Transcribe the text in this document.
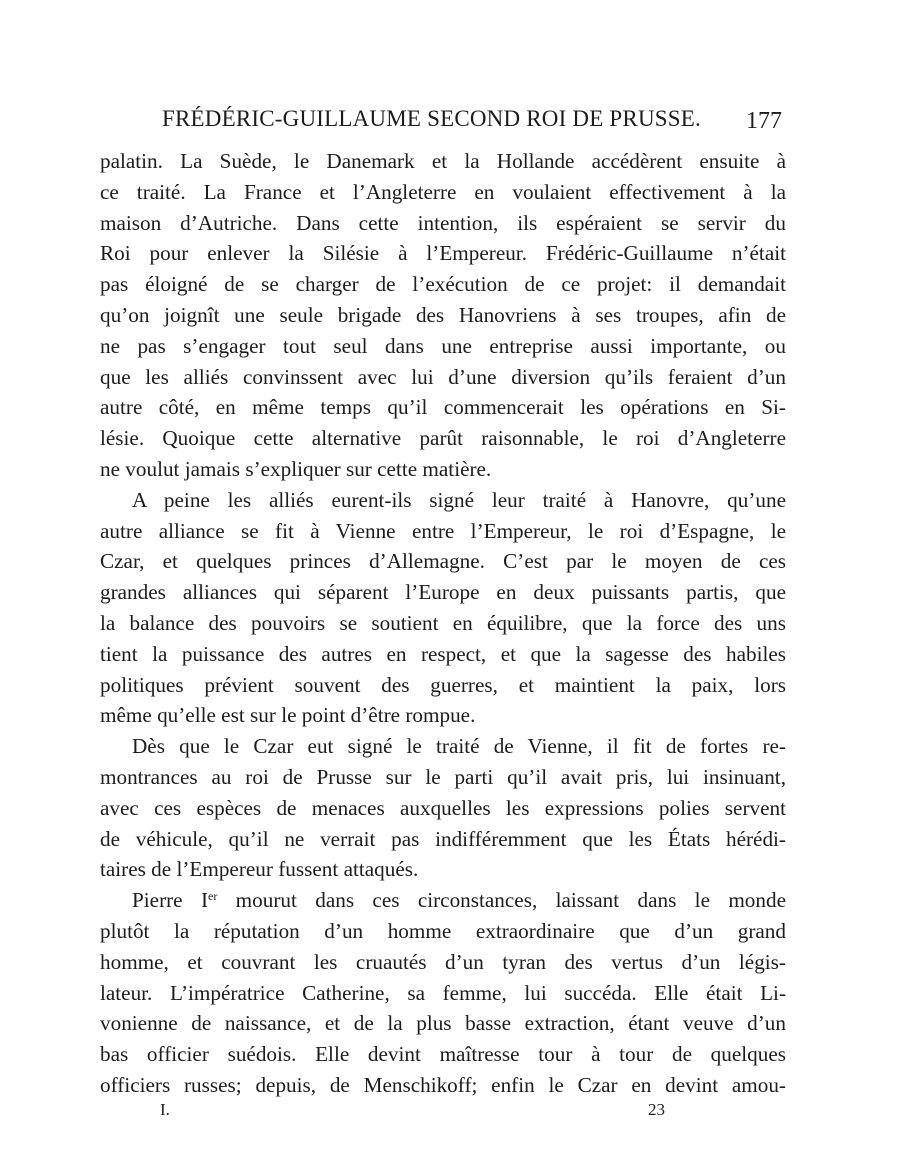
FRÉDÉRIC-GUILLAUME SECOND ROI DE PRUSSE. 177
palatin. La Suède, le Danemark et la Hollande accédèrent ensuite à
ce traité. La France et l’Angleterre en voulaient effectivement à la
maison d’Autriche. Dans cette intention, ils espéraient se servir du
Roi pour enlever la Silésie à l’Empereur. Frédéric-Guillaume n’était
pas éloigné de se charger de l’exécution de ce projet: il demandait
qu’on joignît une seule brigade des Hanovriens à ses troupes, afin de
ne pas s’engager tout seul dans une entreprise aussi importante, ou
que les alliés convinssent avec lui d’une diversion qu’ils feraient d’un
autre côté, en même temps qu’il commencerait les opérations en Si-
lésie. Quoique cette alternative parût raisonnable, le roi d’Angleterre
ne voulut jamais s’expliquer sur cette matière.
A peine les alliés eurent-ils signé leur traité à Hanovre, qu’une
autre alliance se fit à Vienne entre l’Empereur, le roi d’Espagne, le
Czar, et quelques princes d’Allemagne. C’est par le moyen de ces
grandes alliances qui séparent l’Europe en deux puissants partis, que
la balance des pouvoirs se soutient en équilibre, que la force des uns
tient la puissance des autres en respect, et que la sagesse des habiles
politiques prévient souvent des guerres, et maintient la paix, lors
même qu’elle est sur le point d’être rompue.
Dès que le Czar eut signé le traité de Vienne, il fit de fortes re-
montrances au roi de Prusse sur le parti qu’il avait pris, lui insinuant,
avec ces espèces de menaces auxquelles les expressions polies servent
de véhicule, qu’il ne verrait pas indifféremment que les États hérédi-
taires de l’Empereur fussent attaqués.
Pierre Ier mourut dans ces circonstances, laissant dans le monde
plutôt la réputation d’un homme extraordinaire que d’un grand
homme, et couvrant les cruautés d’un tyran des vertus d’un légis-
lateur. L’impératrice Catherine, sa femme, lui succéda. Elle était Li-
vonienne de naissance, et de la plus basse extraction, étant veuve d’un
bas officier suédois. Elle devint maîtresse tour à tour de quelques
officiers russes; depuis, de Menschikoff; enfin le Czar en devint amou-
I.	23
